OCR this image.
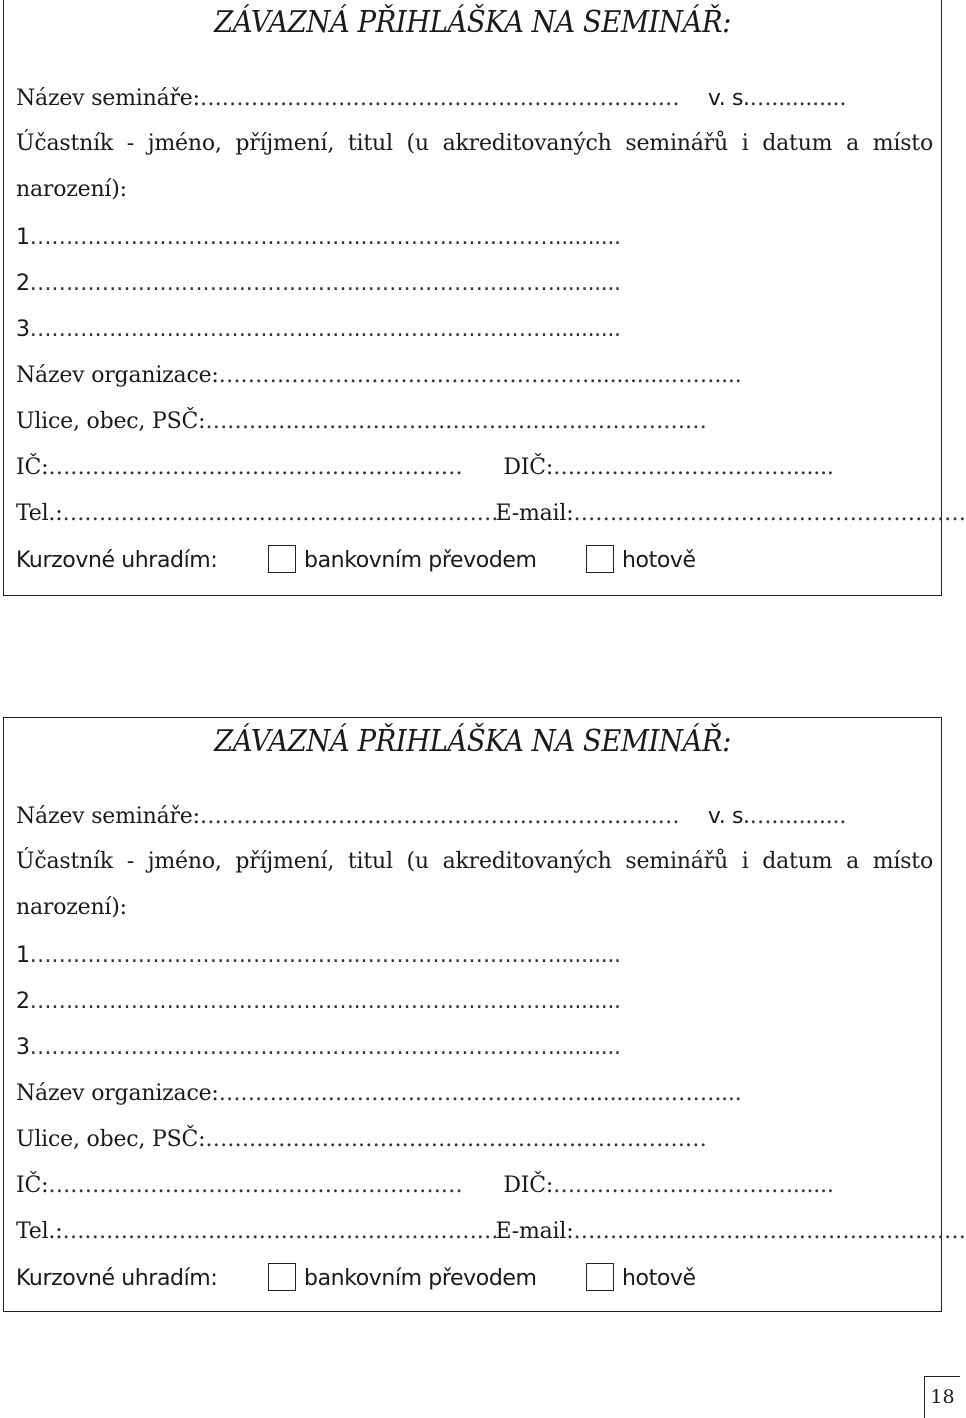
ZÁVAZNÁ PŘIHLÁŠKA NA SEMINÁŘ:
Název semináře:………………………………………………………… v. s.…...........
Účastník - jméno, příjmení, titul (u akreditovaných seminářů i datum a místo
narození):
1……………………………………….………………………..........
2……………………………………….………………………..........
3……………………………………….………………………..........
Název organizace:……………………………………………............……....
Ulice, obec, PSČ:……………………………………………………………
IČ:………………………………………………… DIČ:……………………………......
Tel.:……………………………………………………E-mail:………………………………………………
Kurzovné uhradím:	bankovním převodem	hotově
ZÁVAZNÁ PŘIHLÁŠKA NA SEMINÁŘ:
Název semináře:………………………………………………………… v. s.…...........
Účastník - jméno, příjmení, titul (u akreditovaných seminářů i datum a místo
narození):
1……………………………………….………………………..........
2……………………………………….………………………..........
3……………………………………….………………………..........
Název organizace:……………………………………………............……....
Ulice, obec, PSČ:……………………………………………………………
IČ:………………………………………………… DIČ:……………………………......
Tel.:……………………………………………………E-mail:………………………………………………
Kurzovné uhradím:	bankovním převodem	hotově
18
